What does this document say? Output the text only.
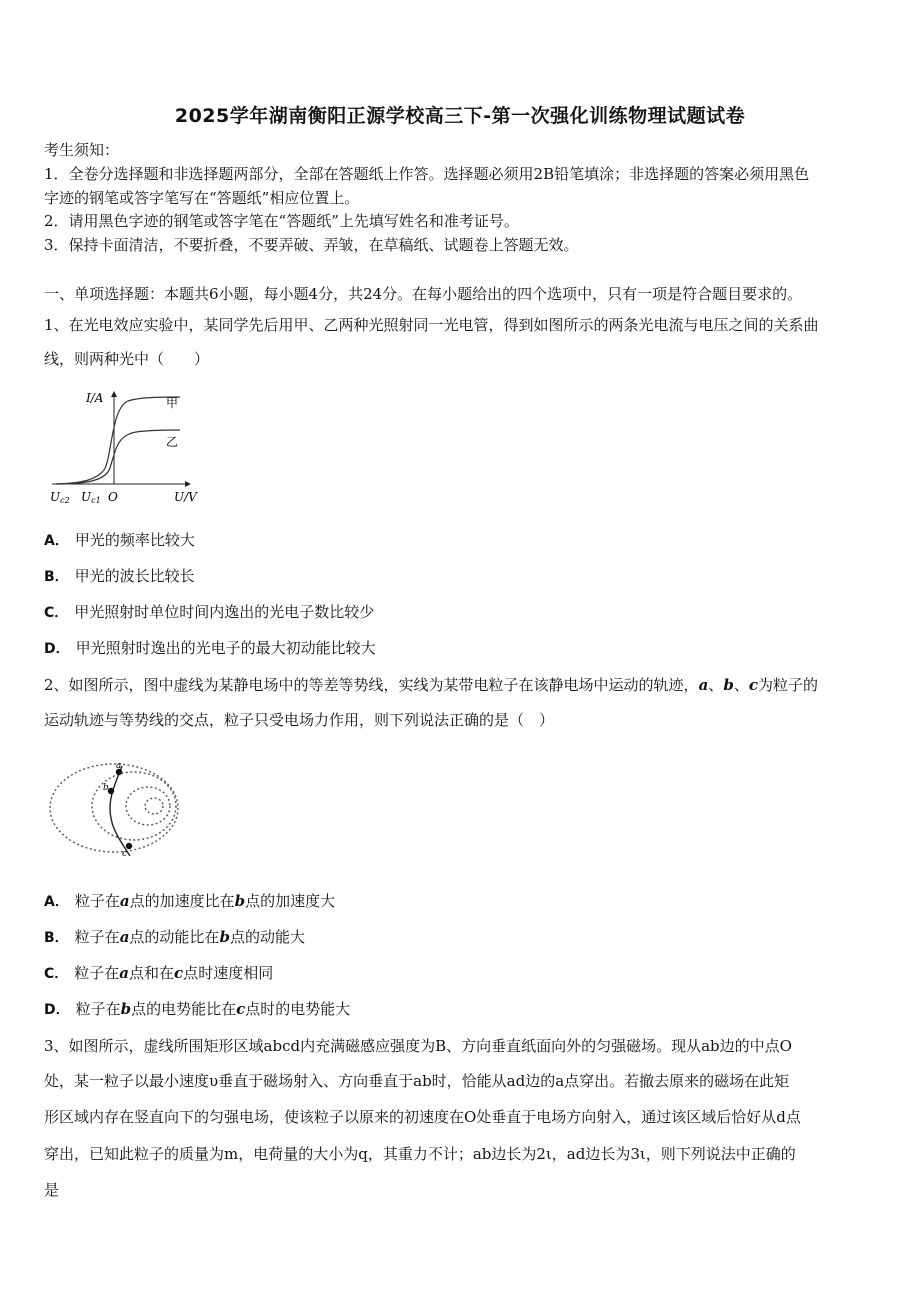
2025学年湖南衡阳正源学校高三下-第一次强化训练物理试题试卷
考生须知：
1．全卷分选择题和非选择题两部分，全部在答题纸上作答。选择题必须用2B铅笔填涂；非选择题的答案必须用黑色
字迹的钢笔或答字笔写在“答题纸”相应位置上。
2．请用黑色字迹的钢笔或答字笔在“答题纸”上先填写姓名和准考证号。
3．保持卡面清洁，不要折叠，不要弄破、弄皱，在草稿纸、试题卷上答题无效。
一、单项选择题：本题共6小题，每小题4分，共24分。在每小题给出的四个选项中，只有一项是符合题目要求的。
1、在光电效应实验中，某同学先后用甲、乙两种光照射同一光电管，得到如图所示的两条光电流与电压之间的关系曲
线，则两种光中（　　）
I/A	甲
乙
Uc2 Uc1 O	U/V
A． 甲光的频率比较大
B． 甲光的波长比较长
C． 甲光照射时单位时间内逸出的光电子数比较少
D． 甲光照射时逸出的光电子的最大初动能比较大
2、如图所示，图中虚线为某静电场中的等差等势线，实线为某带电粒子在该静电场中运动的轨迹，a、b、c为粒子的
运动轨迹与等势线的交点，粒子只受电场力作用，则下列说法正确的是（　）
a
b
c
A． 粒子在a点的加速度比在b点的加速度大
B． 粒子在a点的动能比在b点的动能大
C． 粒子在a点和在c点时速度相同
D． 粒子在b点的电势能比在c点时的电势能大
3、如图所示，虚线所围矩形区域abcd内充满磁感应强度为B、方向垂直纸面向外的匀强磁场。现从ab边的中点O
处，某一粒子以最小速度υ垂直于磁场射入、方向垂直于ab时，恰能从ad边的a点穿出。若撤去原来的磁场在此矩
形区域内存在竖直向下的匀强电场，使该粒子以原来的初速度在O处垂直于电场方向射入，通过该区域后恰好从d点
穿出，已知此粒子的质量为m，电荷量的大小为q，其重力不计；ab边长为2ι，ad边长为3ι，则下列说法中正确的
是
